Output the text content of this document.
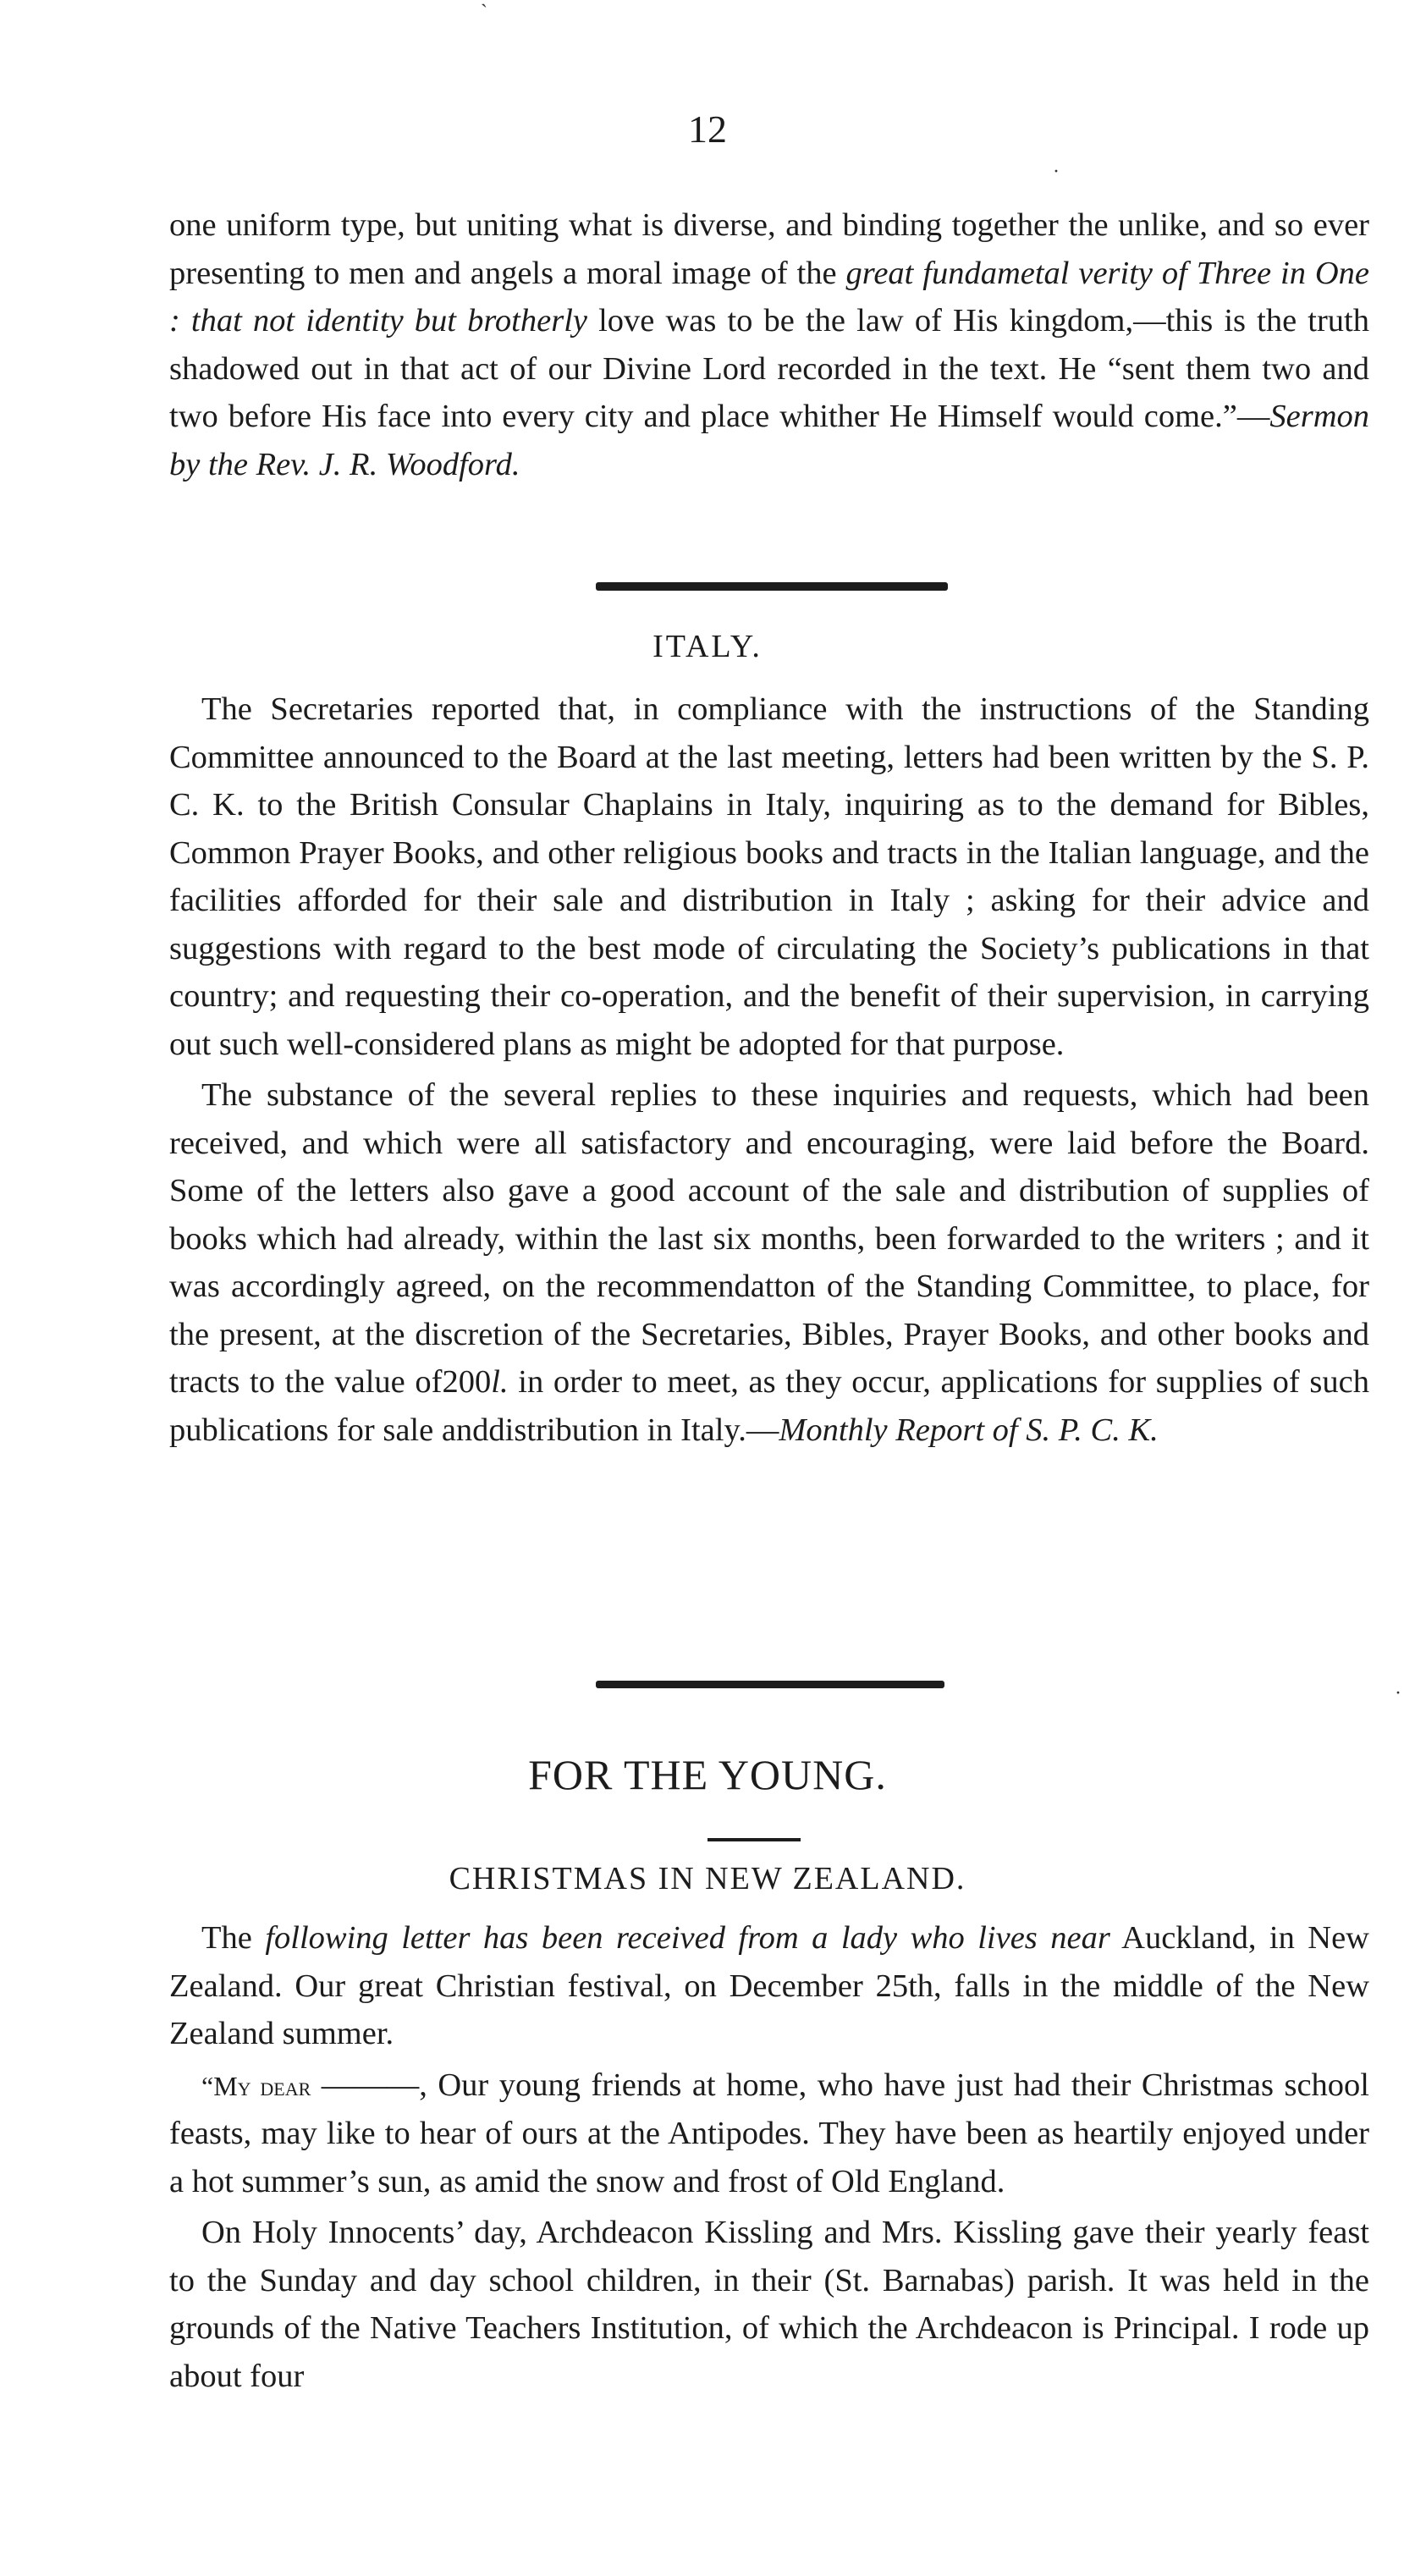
ˋ
·
·
12

one uniform type, but uniting what is diverse, and binding together the unlike, and so ever presenting to men and angels a moral image of the great fundametal verity of Three in One : that not identity but brotherly love was to be the law of His kingdom,—this is the truth shadowed out in that act of our Divine Lord recorded in the text. He “sent them two and two before His face into every city and place whither He Himself would come.”—Sermon by the Rev. J. R. Woodford.

ITALY.

The Secretaries reported that, in compliance with the instructions of the Standing Committee announced to the Board at the last meeting, letters had been written by the S. P. C. K. to the British Consular Chaplains in Italy, inquiring as to the demand for Bibles, Common Prayer Books, and other religious books and tracts in the Italian language, and the facilities afforded for their sale and distribution in Italy ; asking for their advice and suggestions with regard to the best mode of circulating the Society’s publications in that country; and requesting their co-operation, and the benefit of their supervision, in carrying out such well-considered plans as might be adopted for that purpose.

The substance of the several replies to these inquiries and requests, which had been received, and which were all satisfactory and encouraging, were laid before the Board. Some of the letters also gave a good account of the sale and distribution of supplies of books which had already, within the last six months, been forwarded to the writers ; and it was accordingly agreed, on the recommendatton of the Standing Committee, to place, for the present, at the discretion of the Secretaries, Bibles, Prayer Books, and other books and tracts to the value of200l. in order to meet, as they occur, applications for supplies of such publications for sale anddistribution in Italy.—Monthly Report of S. P. C. K.

FOR THE YOUNG.
CHRISTMAS IN NEW ZEALAND.

The following letter has been received from a lady who lives near Auckland, in New Zealand. Our great Christian festival, on December 25th, falls in the middle of the New Zealand summer.

“My dear ———, Our young friends at home, who have just had their Christmas school feasts, may like to hear of ours at the Antipodes. They have been as heartily enjoyed under a hot summer’s sun, as amid the snow and frost of Old England.

On Holy Innocents’ day, Archdeacon Kissling and Mrs. Kissling gave their yearly feast to the Sunday and day school children, in their (St. Barnabas) parish. It was held in the grounds of the Native Teachers Institution, of which the Archdeacon is Principal. I rode up about four
